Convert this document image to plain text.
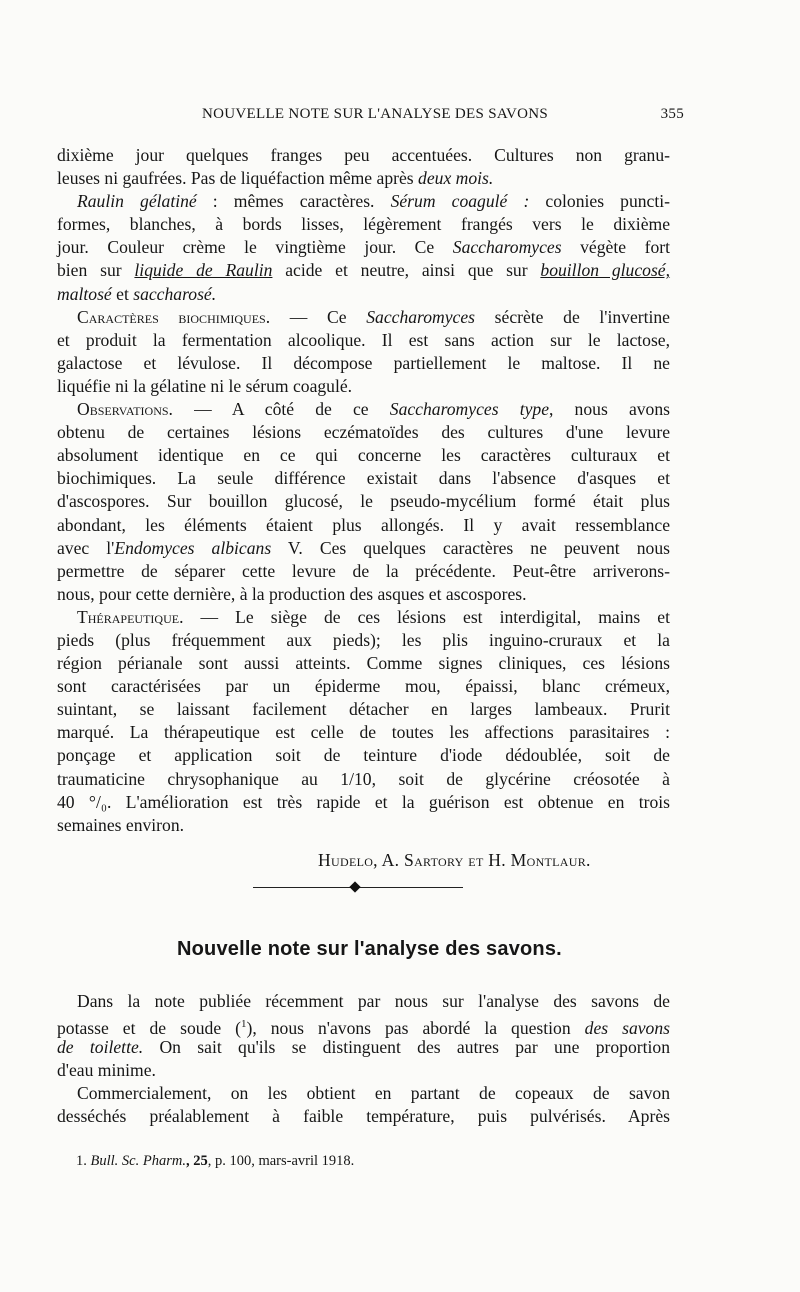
NOUVELLE NOTE SUR L'ANALYSE DES SAVONS	355
dixième jour quelques franges peu accentuées. Cultures non granu-
leuses ni gaufrées. Pas de liquéfaction même après deux mois.
Raulin gélatiné : mêmes caractères. Sérum coagulé : colonies puncti-
formes, blanches, à bords lisses, légèrement frangés vers le dixième
jour. Couleur crème le vingtième jour. Ce Saccharomyces végète fort
bien sur liquide de Raulin acide et neutre, ainsi que sur bouillon glucosé,
maltosé et saccharosé.
Caractères biochimiques. — Ce Saccharomyces sécrète de l'invertine
et produit la fermentation alcoolique. Il est sans action sur le lactose,
galactose et lévulose. Il décompose partiellement le maltose. Il ne
liquéfie ni la gélatine ni le sérum coagulé.
Observations. — A côté de ce Saccharomyces type, nous avons
obtenu de certaines lésions eczématoïdes des cultures d'une levure
absolument identique en ce qui concerne les caractères culturaux et
biochimiques. La seule différence existait dans l'absence d'asques et
d'ascospores. Sur bouillon glucosé, le pseudo-mycélium formé était plus
abondant, les éléments étaient plus allongés. Il y avait ressemblance
avec l'Endomyces albicans V. Ces quelques caractères ne peuvent nous
permettre de séparer cette levure de la précédente. Peut-être arriverons-
nous, pour cette dernière, à la production des asques et ascospores.
Thérapeutique. — Le siège de ces lésions est interdigital, mains et
pieds (plus fréquemment aux pieds); les plis inguino-cruraux et la
région périanale sont aussi atteints. Comme signes cliniques, ces lésions
sont caractérisées par un épiderme mou, épaissi, blanc crémeux,
suintant, se laissant facilement détacher en larges lambeaux. Prurit
marqué. La thérapeutique est celle de toutes les affections parasitaires :
ponçage et application soit de teinture d'iode dédoublée, soit de
traumaticine chrysophanique au 1/10, soit de glycérine créosotée à
40 °/₀. L'amélioration est très rapide et la guérison est obtenue en trois
semaines environ.
Hudelo, A. Sartory et H. Montlaur.
Nouvelle note sur l'analyse des savons.
Dans la note publiée récemment par nous sur l'analyse des savons de
potasse et de soude ($^1$), nous n'avons pas abordé la question des savons
de toilette. On sait qu'ils se distinguent des autres par une proportion
d'eau minime.
Commercialement, on les obtient en partant de copeaux de savon
desséchés préalablement à faible température, puis pulvérisés. Après
1. Bull. Sc. Pharm., 25, p. 100, mars-avril 1918.
